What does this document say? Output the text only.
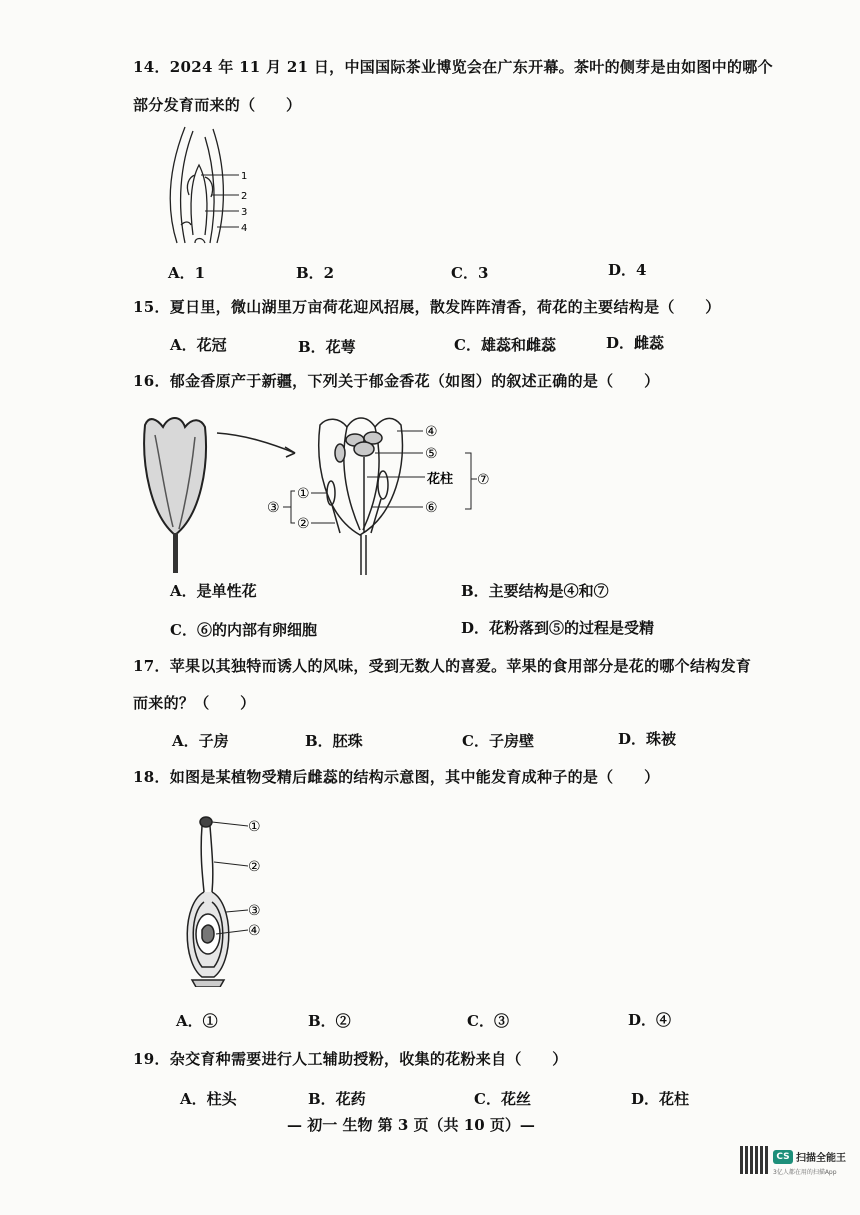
14．2024 年 11 月 21 日，中国国际茶业博览会在广东开幕。茶叶的侧芽是由如图中的哪个
部分发育而来的（　　）
1
2
3
4
A．1	B．2	C．3	D．4
15．夏日里，微山湖里万亩荷花迎风招展，散发阵阵清香，荷花的主要结构是（　　）
A．花冠	B．花萼	C．雄蕊和雌蕊	D．雌蕊
16．郁金香原产于新疆，下列关于郁金香花（如图）的叙述正确的是（　　）
④
⑤
花柱 ⑦
⑥
①
②
③
A．是单性花	B．主要结构是④和⑦
C．⑥的内部有卵细胞	D．花粉落到⑤的过程是受精
17．苹果以其独特而诱人的风味，受到无数人的喜爱。苹果的食用部分是花的哪个结构发育
而来的？（　　）
A．子房	B．胚珠	C．子房壁	D．珠被
18．如图是某植物受精后雌蕊的结构示意图，其中能发育成种子的是（　　）
①
②
③
④
A．①	B．②	C．③	D．④
19．杂交育种需要进行人工辅助授粉，收集的花粉来自（　　）
A．柱头	B．花药	C．花丝	D．花柱
— 初一 生物 第 3 页（共 10 页）—
CS 扫描全能王
3亿人都在用的扫描App
